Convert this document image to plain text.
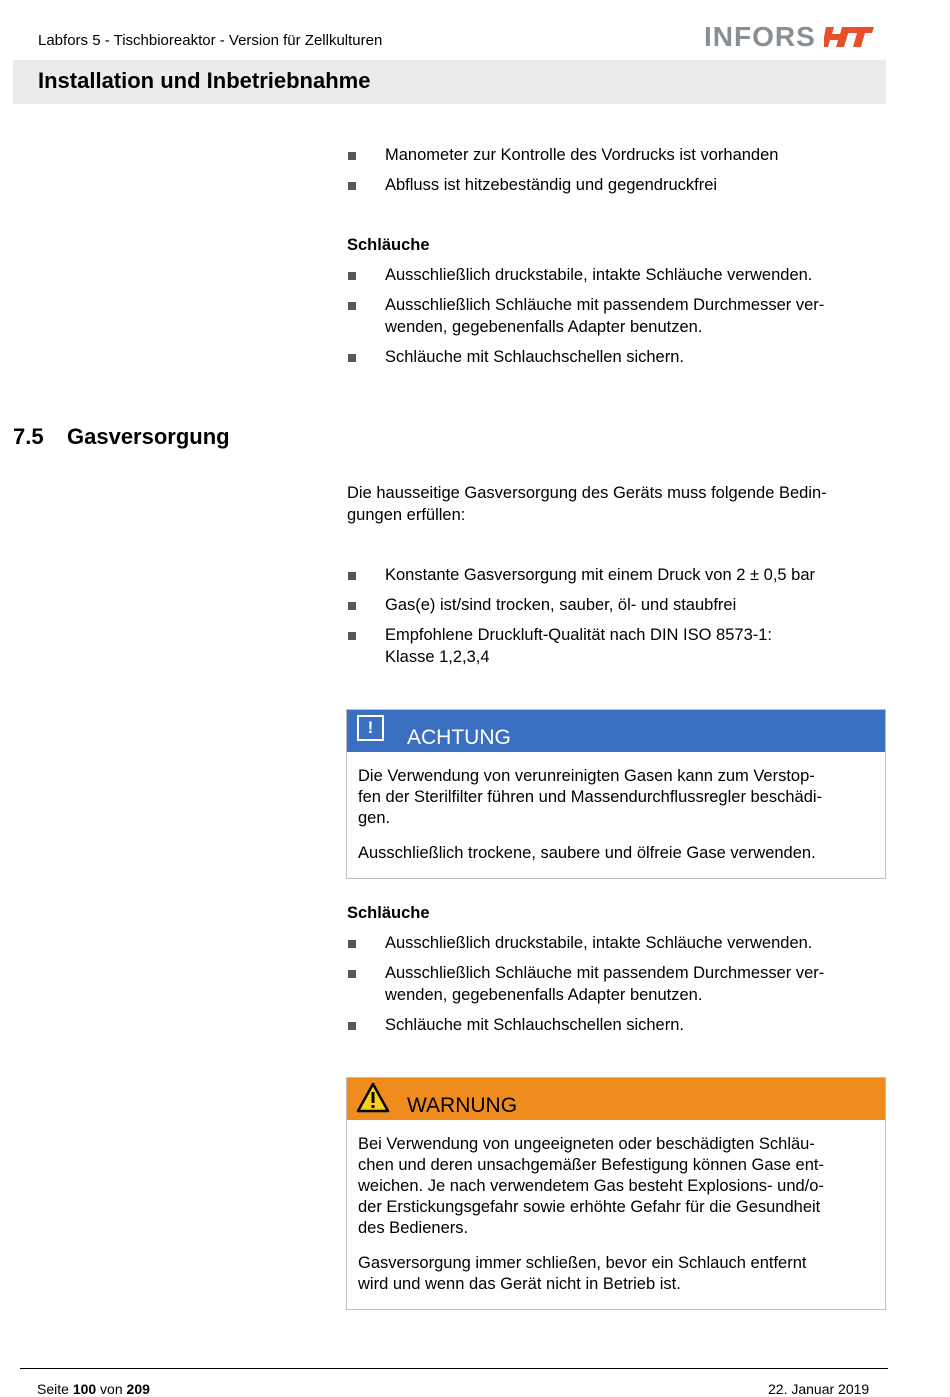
Labfors 5 - Tischbioreaktor - Version für Zellkulturen	INFORS
Installation und Inbetriebnahme
Manometer zur Kontrolle des Vordrucks ist vorhanden
Abfluss ist hitzebeständig und gegendruckfrei
Schläuche
Ausschließlich druckstabile, intakte Schläuche verwenden.
Ausschließlich Schläuche mit passendem Durchmesser ver-
wenden, gegebenenfalls Adapter benutzen.
Schläuche mit Schlauchschellen sichern.
7.5 Gasversorgung
Die hausseitige Gasversorgung des Geräts muss folgende Bedin-
gungen erfüllen:
Konstante Gasversorgung mit einem Druck von 2 ± 0,5 bar
Gas(e) ist/sind trocken, sauber, öl- und staubfrei
Empfohlene Druckluft-Qualität nach DIN ISO 8573-1:
Klasse 1,2,3,4
!	ACHTUNG

Die Verwendung von verunreinigten Gasen kann zum Verstop-
fen der Sterilfilter führen und Massendurchflussregler beschädi-
gen.

Ausschließlich trockene, saubere und ölfreie Gase verwenden.

Schläuche
Ausschließlich druckstabile, intakte Schläuche verwenden.
Ausschließlich Schläuche mit passendem Durchmesser ver-
wenden, gegebenenfalls Adapter benutzen.
Schläuche mit Schlauchschellen sichern.
WARNUNG

Bei Verwendung von ungeeigneten oder beschädigten Schläu-
chen und deren unsachgemäßer Befestigung können Gase ent-
weichen. Je nach verwendetem Gas besteht Explosions- und/o-
der Erstickungsgefahr sowie erhöhte Gefahr für die Gesundheit
des Bedieners.

Gasversorgung immer schließen, bevor ein Schlauch entfernt
wird und wenn das Gerät nicht in Betrieb ist.

Seite 100 von 209	22. Januar 2019
